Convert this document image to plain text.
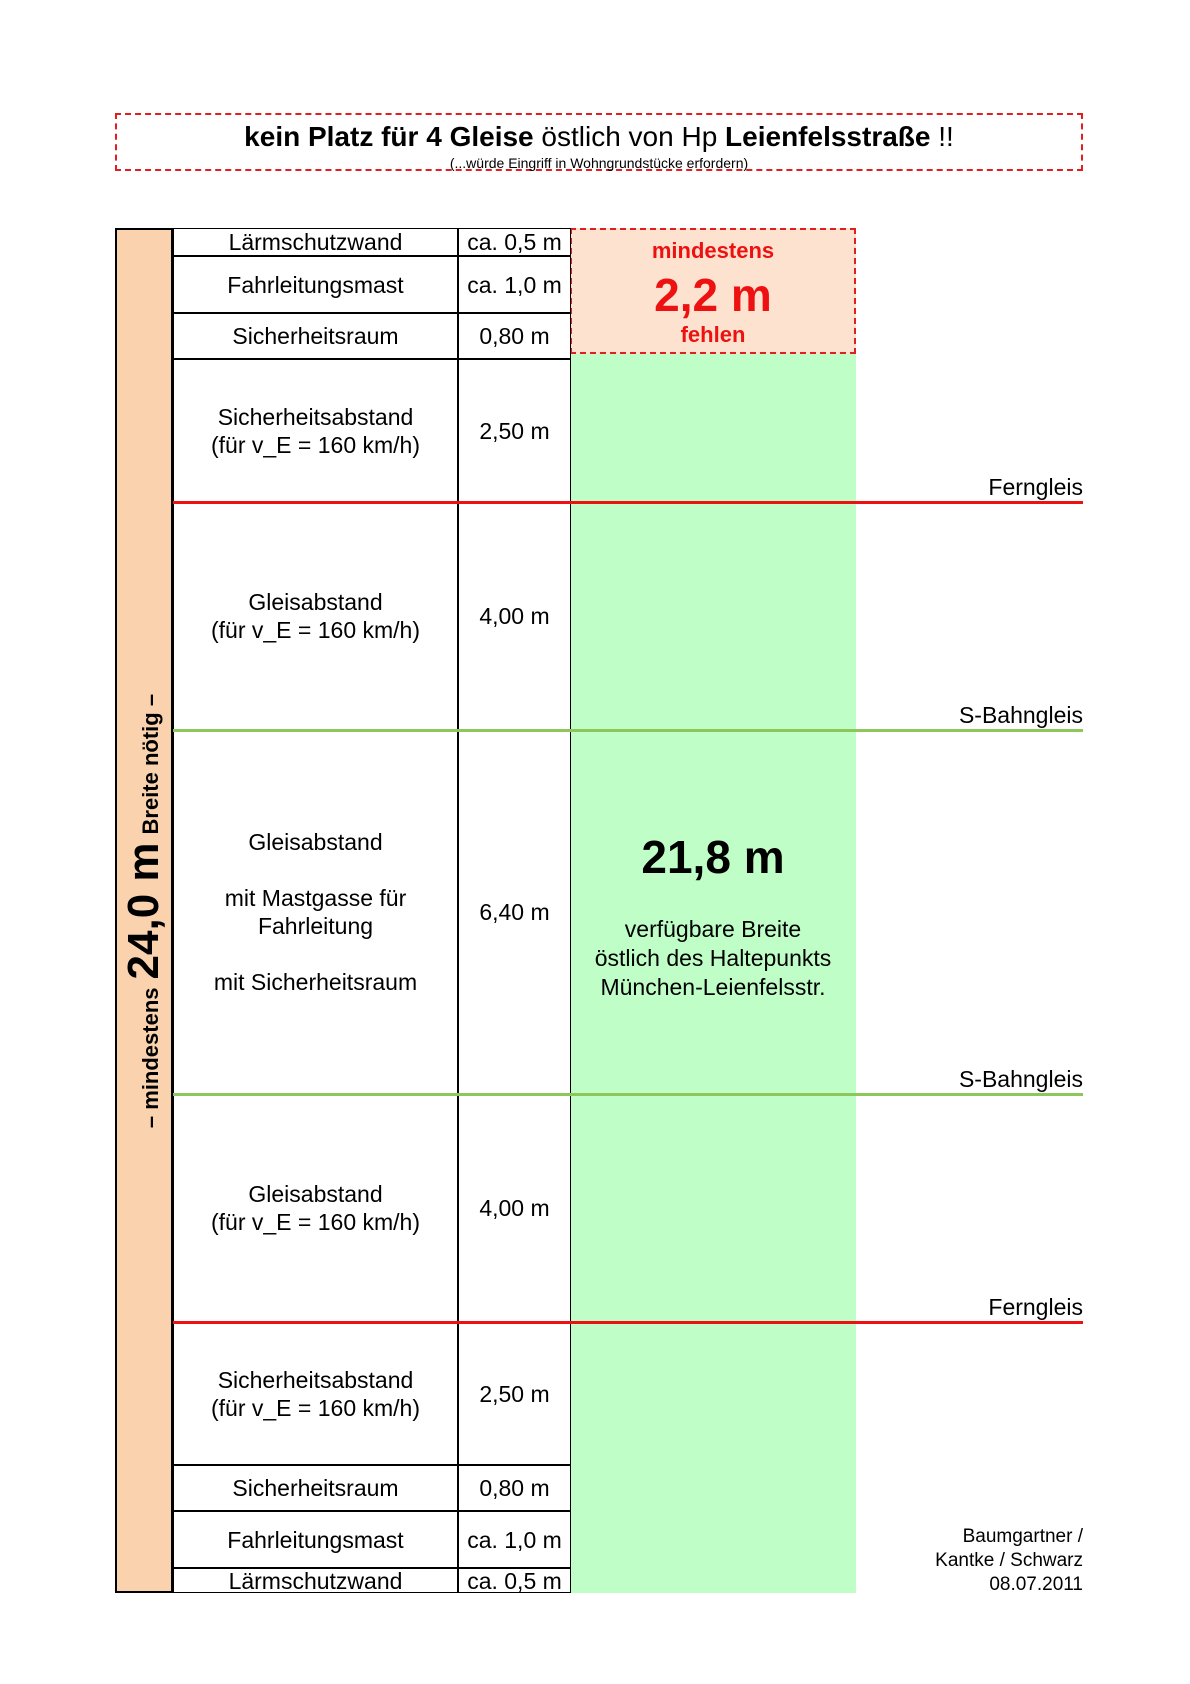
kein Platz für 4 Gleise östlich von Hp Leienfelsstraße !!
(...würde Eingriff in Wohngrundstücke erfordern)
– mindestens
24,0 m
Breite nötig –
mindestens
2,2 m
fehlen
21,8 m
verfügbare Breite
östlich des Haltepunkts
München-Leienfelsstr.
Lärmschutzwand	ca. 0,5 m
Fahrleitungsmast	ca. 1,0 m
Sicherheitsraum	0,80 m
Sicherheitsabstand
(für v_E = 160 km/h)
2,50 m
Gleisabstand
(für v_E = 160 km/h)
4,00 m
Gleisabstand
mit Mastgasse für
Fahrleitung
mit Sicherheitsraum
6,40 m
Gleisabstand
(für v_E = 160 km/h)
4,00 m
Sicherheitsabstand
(für v_E = 160 km/h)
2,50 m
Sicherheitsraum	0,80 m
Fahrleitungsmast	ca. 1,0 m
Lärmschutzwand	ca. 0,5 m
Ferngleis
S-Bahngleis
S-Bahngleis
Ferngleis
Baumgartner /
Kantke / Schwarz
08.07.2011
